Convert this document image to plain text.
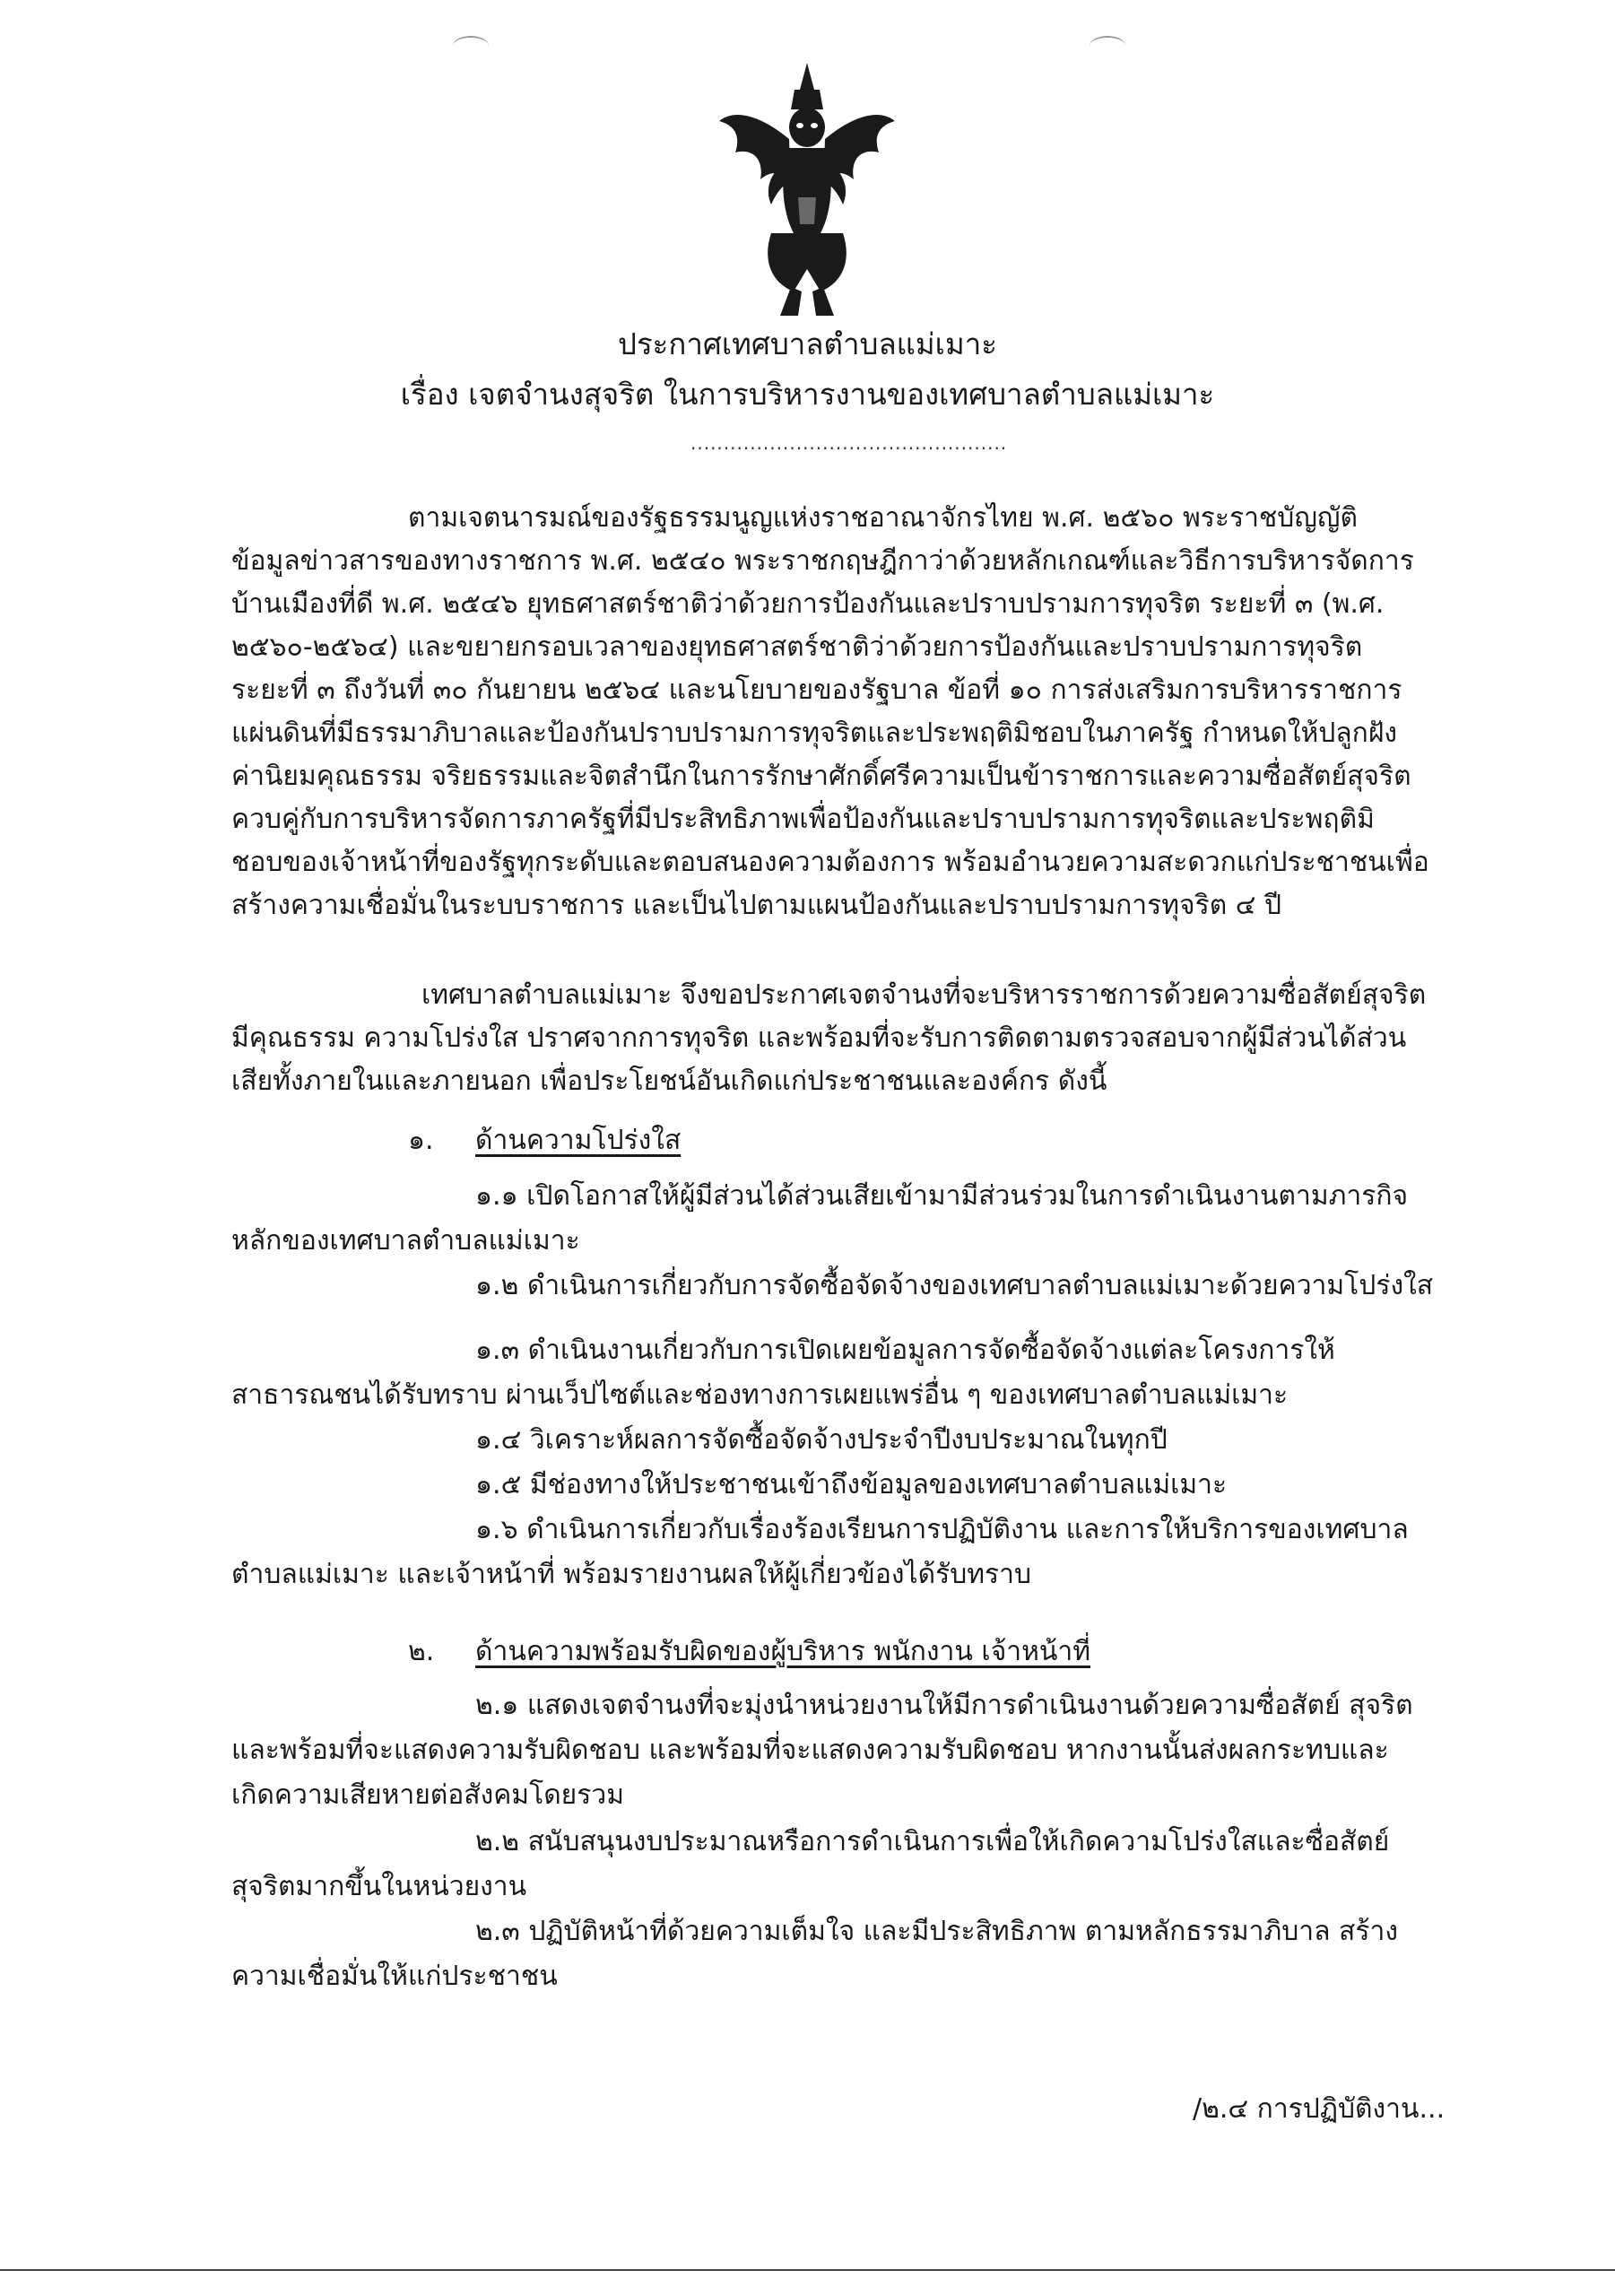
ประกาศเทศบาลตำบลแม่เมาะ
เรื่อง เจตจำนงสุจริต ในการบริหารงานของเทศบาลตำบลแม่เมาะ
................................................
ตามเจตนารมณ์ของรัฐธรรมนูญแห่งราชอาณาจักรไทย พ.ศ. ๒๕๖๐ พระราชบัญญัติ
ข้อมูลข่าวสารของทางราชการ พ.ศ. ๒๕๔๐ พระราชกฤษฎีกาว่าด้วยหลักเกณฑ์และวิธีการบริหารจัดการ
บ้านเมืองที่ดี พ.ศ. ๒๕๔๖ ยุทธศาสตร์ชาติว่าด้วยการป้องกันและปราบปรามการทุจริต ระยะที่ ๓ (พ.ศ.
๒๕๖๐-๒๕๖๔) และขยายกรอบเวลาของยุทธศาสตร์ชาติว่าด้วยการป้องกันและปราบปรามการทุจริต
ระยะที่ ๓ ถึงวันที่ ๓๐ กันยายน ๒๕๖๔ และนโยบายของรัฐบาล ข้อที่ ๑๐ การส่งเสริมการบริหารราชการ
แผ่นดินที่มีธรรมาภิบาลและป้องกันปราบปรามการทุจริตและประพฤติมิชอบในภาครัฐ กำหนดให้ปลูกฝัง
ค่านิยมคุณธรรม จริยธรรมและจิตสำนึกในการรักษาศักดิ์ศรีความเป็นข้าราชการและความซื่อสัตย์สุจริต
ควบคู่กับการบริหารจัดการภาครัฐที่มีประสิทธิภาพเพื่อป้องกันและปราบปรามการทุจริตและประพฤติมิ
ชอบของเจ้าหน้าที่ของรัฐทุกระดับและตอบสนองความต้องการ พร้อมอำนวยความสะดวกแก่ประชาชนเพื่อ
สร้างความเชื่อมั่นในระบบราชการ และเป็นไปตามแผนป้องกันและปราบปรามการทุจริต ๔ ปี
เทศบาลตำบลแม่เมาะ จึงขอประกาศเจตจำนงที่จะบริหารราชการด้วยความซื่อสัตย์สุจริต
มีคุณธรรม ความโปร่งใส ปราศจากการทุจริต และพร้อมที่จะรับการติดตามตรวจสอบจากผู้มีส่วนได้ส่วน
เสียทั้งภายในและภายนอก เพื่อประโยชน์อันเกิดแก่ประชาชนและองค์กร ดังนี้
๑. ด้านความโปร่งใส
๑.๑ เปิดโอกาสให้ผู้มีส่วนได้ส่วนเสียเข้ามามีส่วนร่วมในการดำเนินงานตามภารกิจ
หลักของเทศบาลตำบลแม่เมาะ
๑.๒ ดำเนินการเกี่ยวกับการจัดซื้อจัดจ้างของเทศบาลตำบลแม่เมาะด้วยความโปร่งใส
๑.๓ ดำเนินงานเกี่ยวกับการเปิดเผยข้อมูลการจัดซื้อจัดจ้างแต่ละโครงการให้
สาธารณชนได้รับทราบ ผ่านเว็ปไซต์และช่องทางการเผยแพร่อื่น ๆ ของเทศบาลตำบลแม่เมาะ
๑.๔ วิเคราะห์ผลการจัดซื้อจัดจ้างประจำปีงบประมาณในทุกปี
๑.๕ มีช่องทางให้ประชาชนเข้าถึงข้อมูลของเทศบาลตำบลแม่เมาะ
๑.๖ ดำเนินการเกี่ยวกับเรื่องร้องเรียนการปฏิบัติงาน และการให้บริการของเทศบาล
ตำบลแม่เมาะ และเจ้าหน้าที่ พร้อมรายงานผลให้ผู้เกี่ยวข้องได้รับทราบ
๒. ด้านความพร้อมรับผิดของผู้บริหาร พนักงาน เจ้าหน้าที่
๒.๑ แสดงเจตจำนงที่จะมุ่งนำหน่วยงานให้มีการดำเนินงานด้วยความซื่อสัตย์ สุจริต
และพร้อมที่จะแสดงความรับผิดชอบ และพร้อมที่จะแสดงความรับผิดชอบ หากงานนั้นส่งผลกระทบและ
เกิดความเสียหายต่อสังคมโดยรวม
๒.๒ สนับสนุนงบประมาณหรือการดำเนินการเพื่อให้เกิดความโปร่งใสและซื่อสัตย์
สุจริตมากขึ้นในหน่วยงาน
๒.๓ ปฏิบัติหน้าที่ด้วยความเต็มใจ และมีประสิทธิภาพ ตามหลักธรรมาภิบาล สร้าง
ความเชื่อมั่นให้แก่ประชาชน
/๒.๔ การปฏิบัติงาน...
